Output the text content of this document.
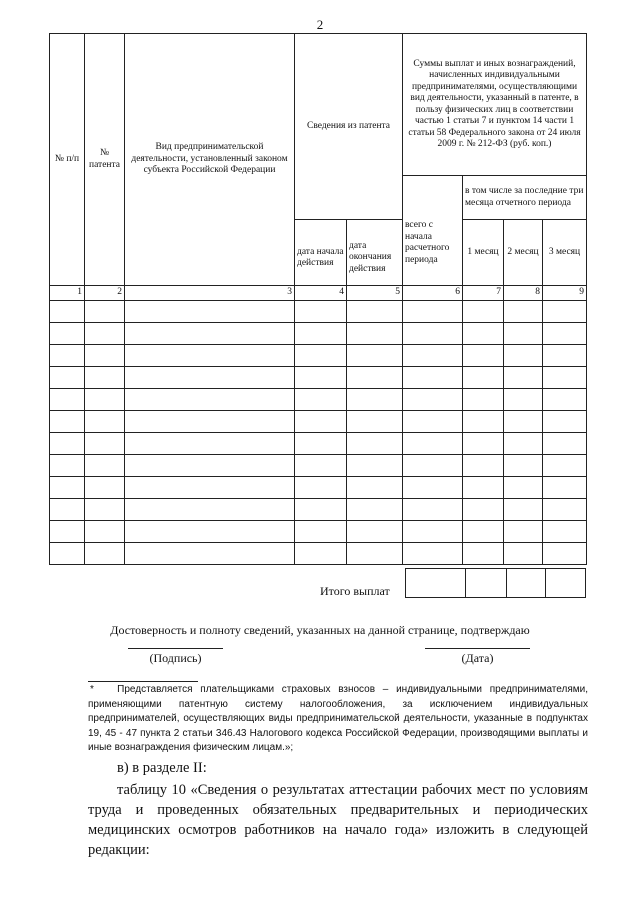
2
№ п/п	№ патента	Вид предпринимательской деятельности, установленный законом субъекта Российской Федерации	Сведения из патента		Суммы выплат и иных вознаграждений, начисленных индивидуальными предпринимателями, осуществляющими вид деятельности, указанный в патенте, в пользу физических лиц в соответствии частью 1 статьи 7 и пунктом 14 части 1 статьи 58 Федерального закона от 24 июля 2009 г. № 212-ФЗ (руб. коп.)			
					всего с начала расчетного периода	в том числе за последние три месяца отчетного периода		
			дата начала действия	дата окончания действия		1 месяц	2 месяц	3 месяц
1	2	3	4	5	6	7	8	9

Итого выплат
Достоверность и полноту сведений, указанных на данной странице, подтверждаю
(Подпись)	(Дата)
* Представляется плательщиками страховых взносов – индивидуальными предпринимателями, применяющими патентную систему налогообложения, за исключением индивидуальных предпринимателей, осуществляющих виды предпринимательской деятельности, указанные в подпунктах 19, 45 - 47 пункта 2 статьи 346.43 Налогового кодекса Российской Федерации, производящими выплаты и иные вознаграждения физическим лицам.»;
в) в разделе II:
таблицу 10 «Сведения о результатах аттестации рабочих мест по условиям труда и проведенных обязательных предварительных и периодических медицинских осмотров работников на начало года» изложить в следующей редакции:
